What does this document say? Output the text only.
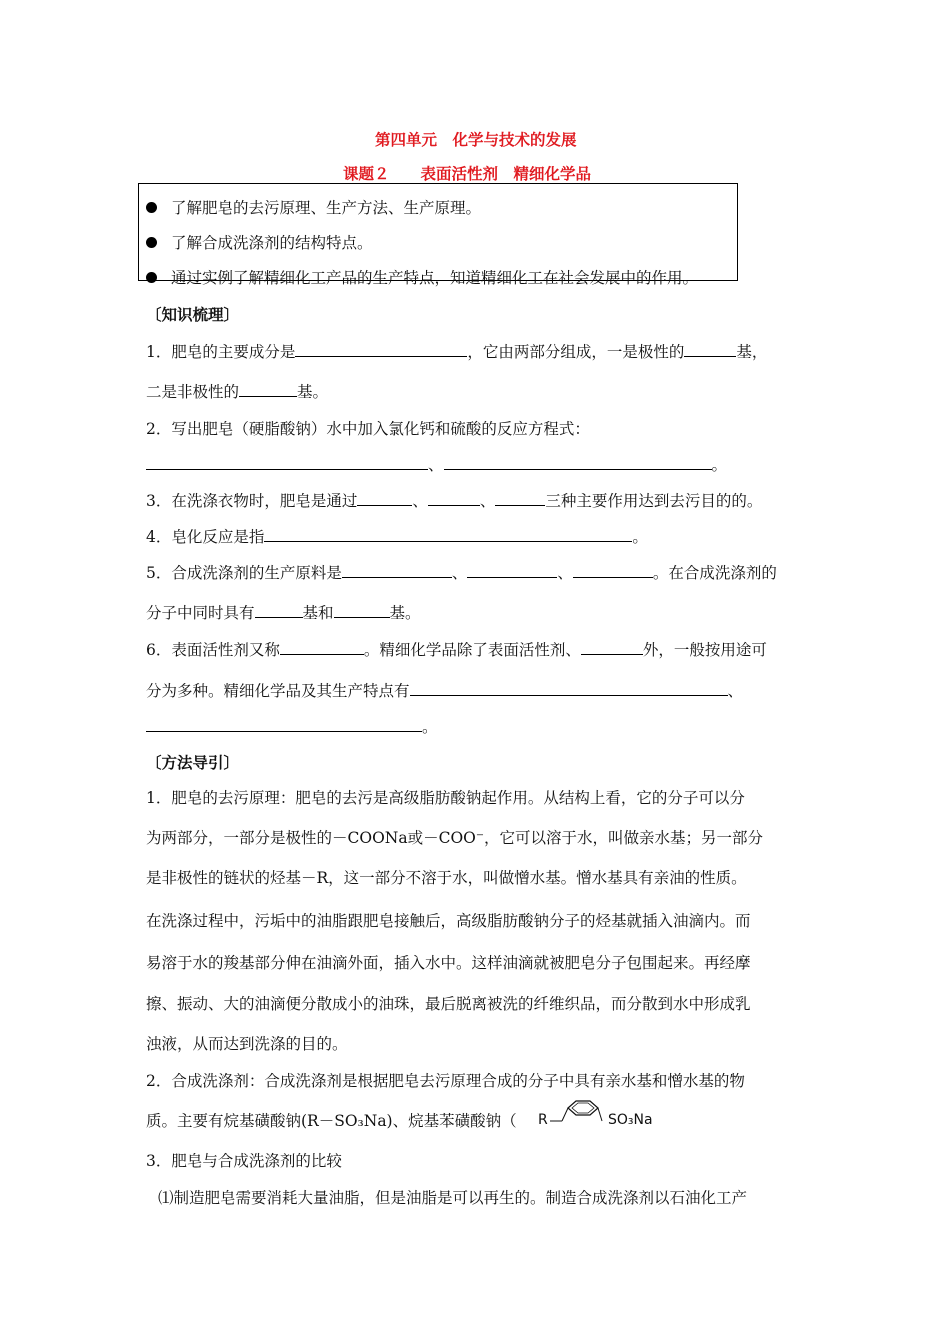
第四单元　化学与技术的发展
课题２　　表面活性剂　精细化学品
了解肥皂的去污原理、生产方法、生产原理。
了解合成洗涤剂的结构特点。
通过实例了解精细化工产品的生产特点，知道精细化工在社会发展中的作用。
〔知识梳理〕
1．肥皂的主要成分是	，它由两部分组成，一是极性的	基，
二是非极性的	基。
2．写出肥皂（硬脂酸钠）水中加入氯化钙和硫酸的反应方程式：
、	。
3．在洗涤衣物时，肥皂是通过	、	、	三种主要作用达到去污目的的。
4．皂化反应是指	。
5．合成洗涤剂的生产原料是	、	、	。在合成洗涤剂的
分子中同时具有	基和	基。
6．表面活性剂又称	。精细化学品除了表面活性剂、	外，一般按用途可
分为多种。精细化学品及其生产特点有	、
。
〔方法导引〕
1．肥皂的去污原理：肥皂的去污是高级脂肪酸钠起作用。从结构上看，它的分子可以分
为两部分，一部分是极性的－COONa或－COO⁻，它可以溶于水，叫做亲水基；另一部分
是非极性的链状的烃基－R，这一部分不溶于水，叫做憎水基。憎水基具有亲油的性质。
在洗涤过程中，污垢中的油脂跟肥皂接触后，高级脂肪酸钠分子的烃基就插入油滴内。而
易溶于水的羧基部分伸在油滴外面，插入水中。这样油滴就被肥皂分子包围起来。再经摩
擦、振动、大的油滴便分散成小的油珠，最后脱离被洗的纤维织品，而分散到水中形成乳
浊液，从而达到洗涤的目的。
2．合成洗涤剂：合成洗涤剂是根据肥皂去污原理合成的分子中具有亲水基和憎水基的物
质。主要有烷基磺酸钠(R－SO₃Na)、烷基苯磺酸钠（ R	SO₃Na
3．肥皂与合成洗涤剂的比较
⑴制造肥皂需要消耗大量油脂，但是油脂是可以再生的。制造合成洗涤剂以石油化工产
